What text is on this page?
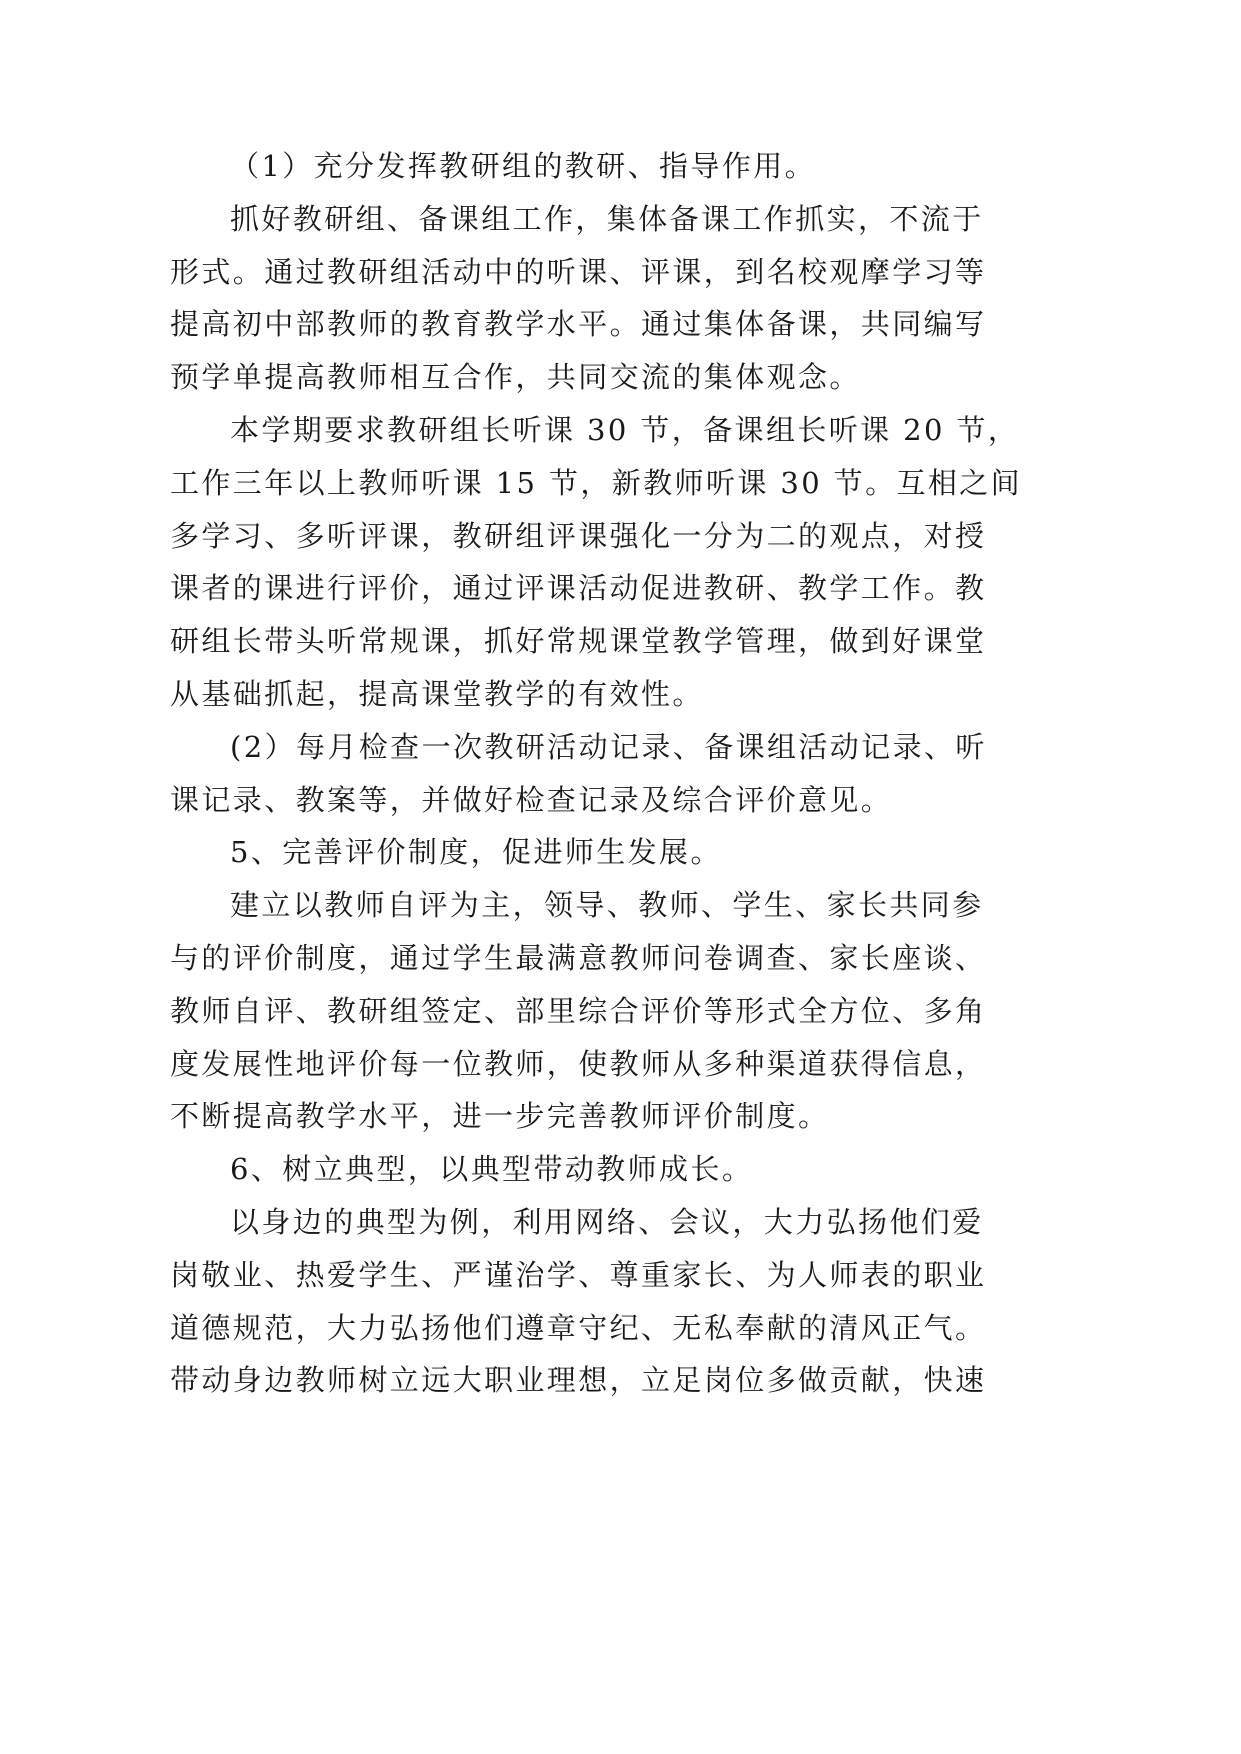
（1）充分发挥教研组的教研、指导作用。
抓好教研组、备课组工作，集体备课工作抓实，不流于
形式。通过教研组活动中的听课、评课，到名校观摩学习等
提高初中部教师的教育教学水平。通过集体备课，共同编写
预学单提高教师相互合作，共同交流的集体观念。
本学期要求教研组长听课 30 节，备课组长听课 20 节，
工作三年以上教师听课 15 节，新教师听课 30 节。互相之间
多学习、多听评课，教研组评课强化一分为二的观点，对授
课者的课进行评价，通过评课活动促进教研、教学工作。教
研组长带头听常规课，抓好常规课堂教学管理，做到好课堂
从基础抓起，提高课堂教学的有效性。
(2）每月检查一次教研活动记录、备课组活动记录、听
课记录、教案等，并做好检查记录及综合评价意见。
5、完善评价制度，促进师生发展。
建立以教师自评为主，领导、教师、学生、家长共同参
与的评价制度，通过学生最满意教师问卷调查、家长座谈、
教师自评、教研组签定、部里综合评价等形式全方位、多角
度发展性地评价每一位教师，使教师从多种渠道获得信息，
不断提高教学水平，进一步完善教师评价制度。
6、树立典型，以典型带动教师成长。
以身边的典型为例，利用网络、会议，大力弘扬他们爱
岗敬业、热爱学生、严谨治学、尊重家长、为人师表的职业
道德规范，大力弘扬他们遵章守纪、无私奉献的清风正气。
带动身边教师树立远大职业理想，立足岗位多做贡献，快速
